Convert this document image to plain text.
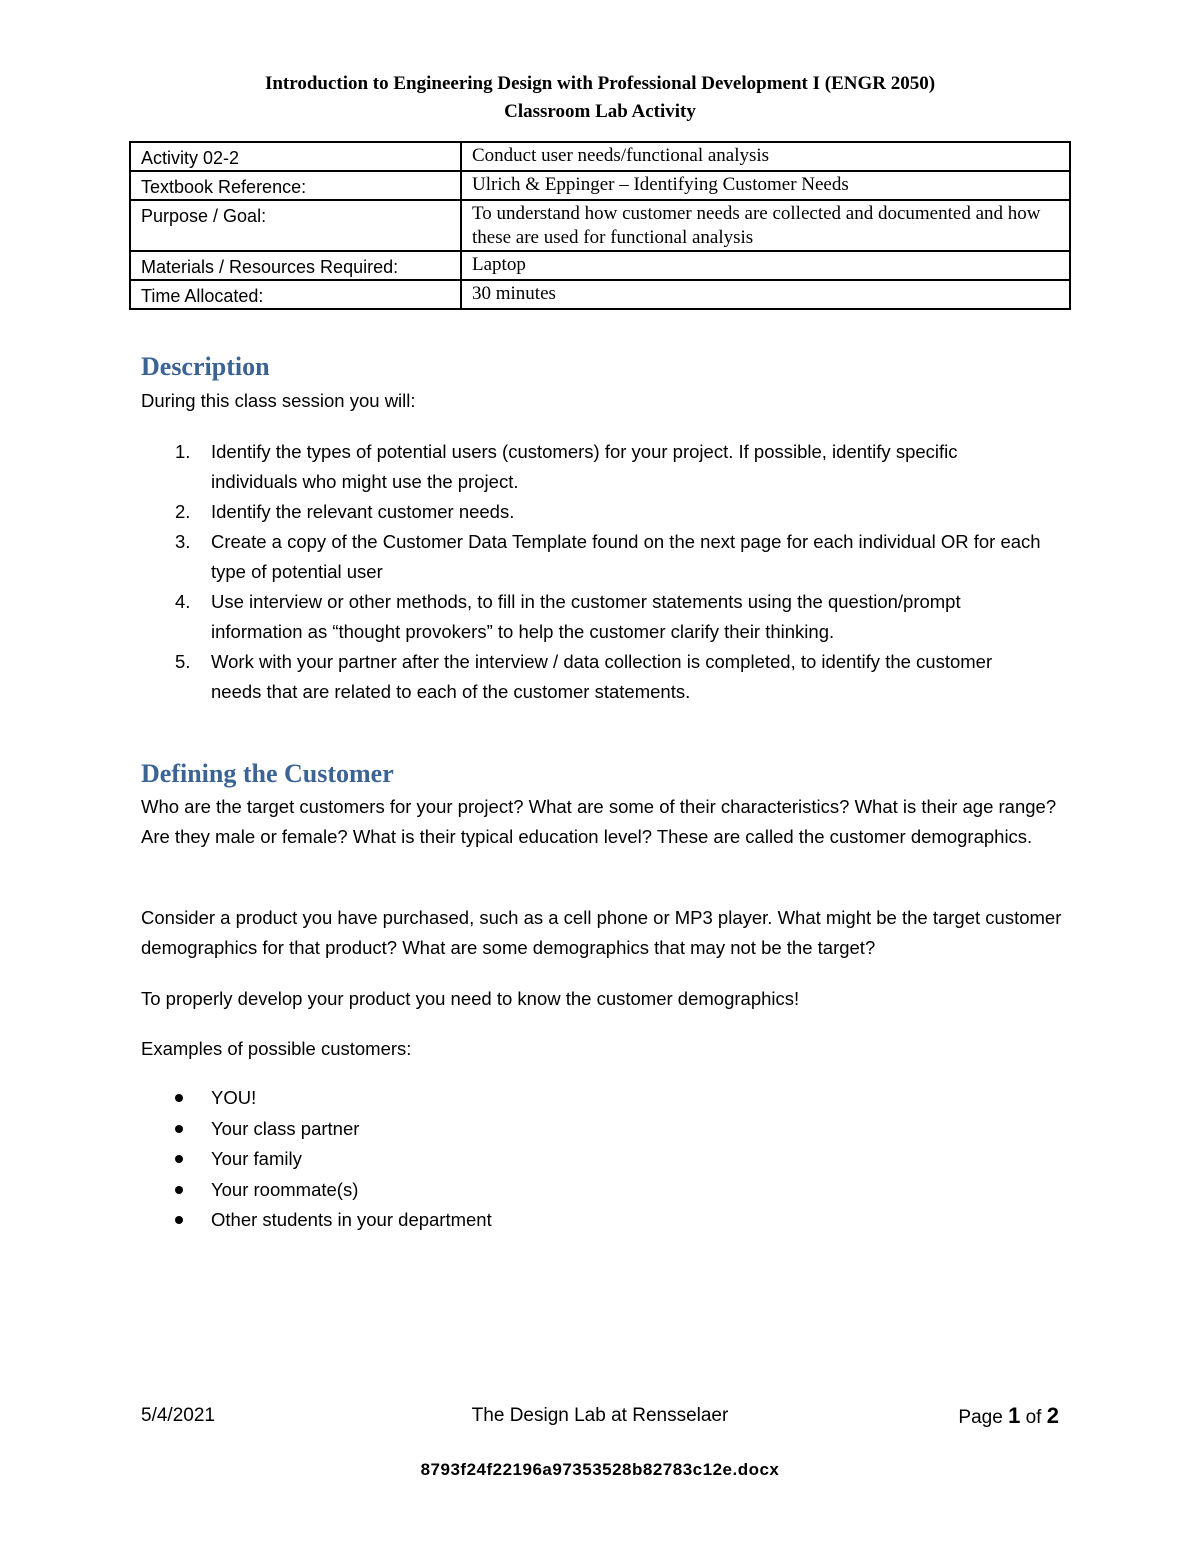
Introduction to Engineering Design with Professional Development I (ENGR 2050)
Classroom Lab Activity
Activity 02-2	Conduct user needs/functional analysis
Textbook Reference:	Ulrich & Eppinger – Identifying Customer Needs
Purpose / Goal:	To understand how customer needs are collected and documented and how these are used for functional analysis
Materials / Resources Required:	Laptop
Time Allocated:	30 minutes
Description

During this class session you will:

1. Identify the types of potential users (customers) for your project. If possible, identify specific individuals who might use the project.
2. Identify the relevant customer needs.
3. Create a copy of the Customer Data Template found on the next page for each individual OR for each type of potential user
4. Use interview or other methods, to fill in the customer statements using the question/prompt information as “thought provokers” to help the customer clarify their thinking.
5. Work with your partner after the interview / data collection is completed, to identify the customer needs that are related to each of the customer statements.
Defining the Customer

Who are the target customers for your project? What are some of their characteristics? What is their age range? Are they male or female? What is their typical education level? These are called the customer demographics.

Consider a product you have purchased, such as a cell phone or MP3 player. What might be the target customer demographics for that product? What are some demographics that may not be the target?

To properly develop your product you need to know the customer demographics!

Examples of possible customers:

YOU!
Your class partner
Your family
Your roommate(s)
Other students in your department
The Design Lab at Rensselaer
5/4/2021	Page 1 of 2
8793f24f22196a97353528b82783c12e.docx
